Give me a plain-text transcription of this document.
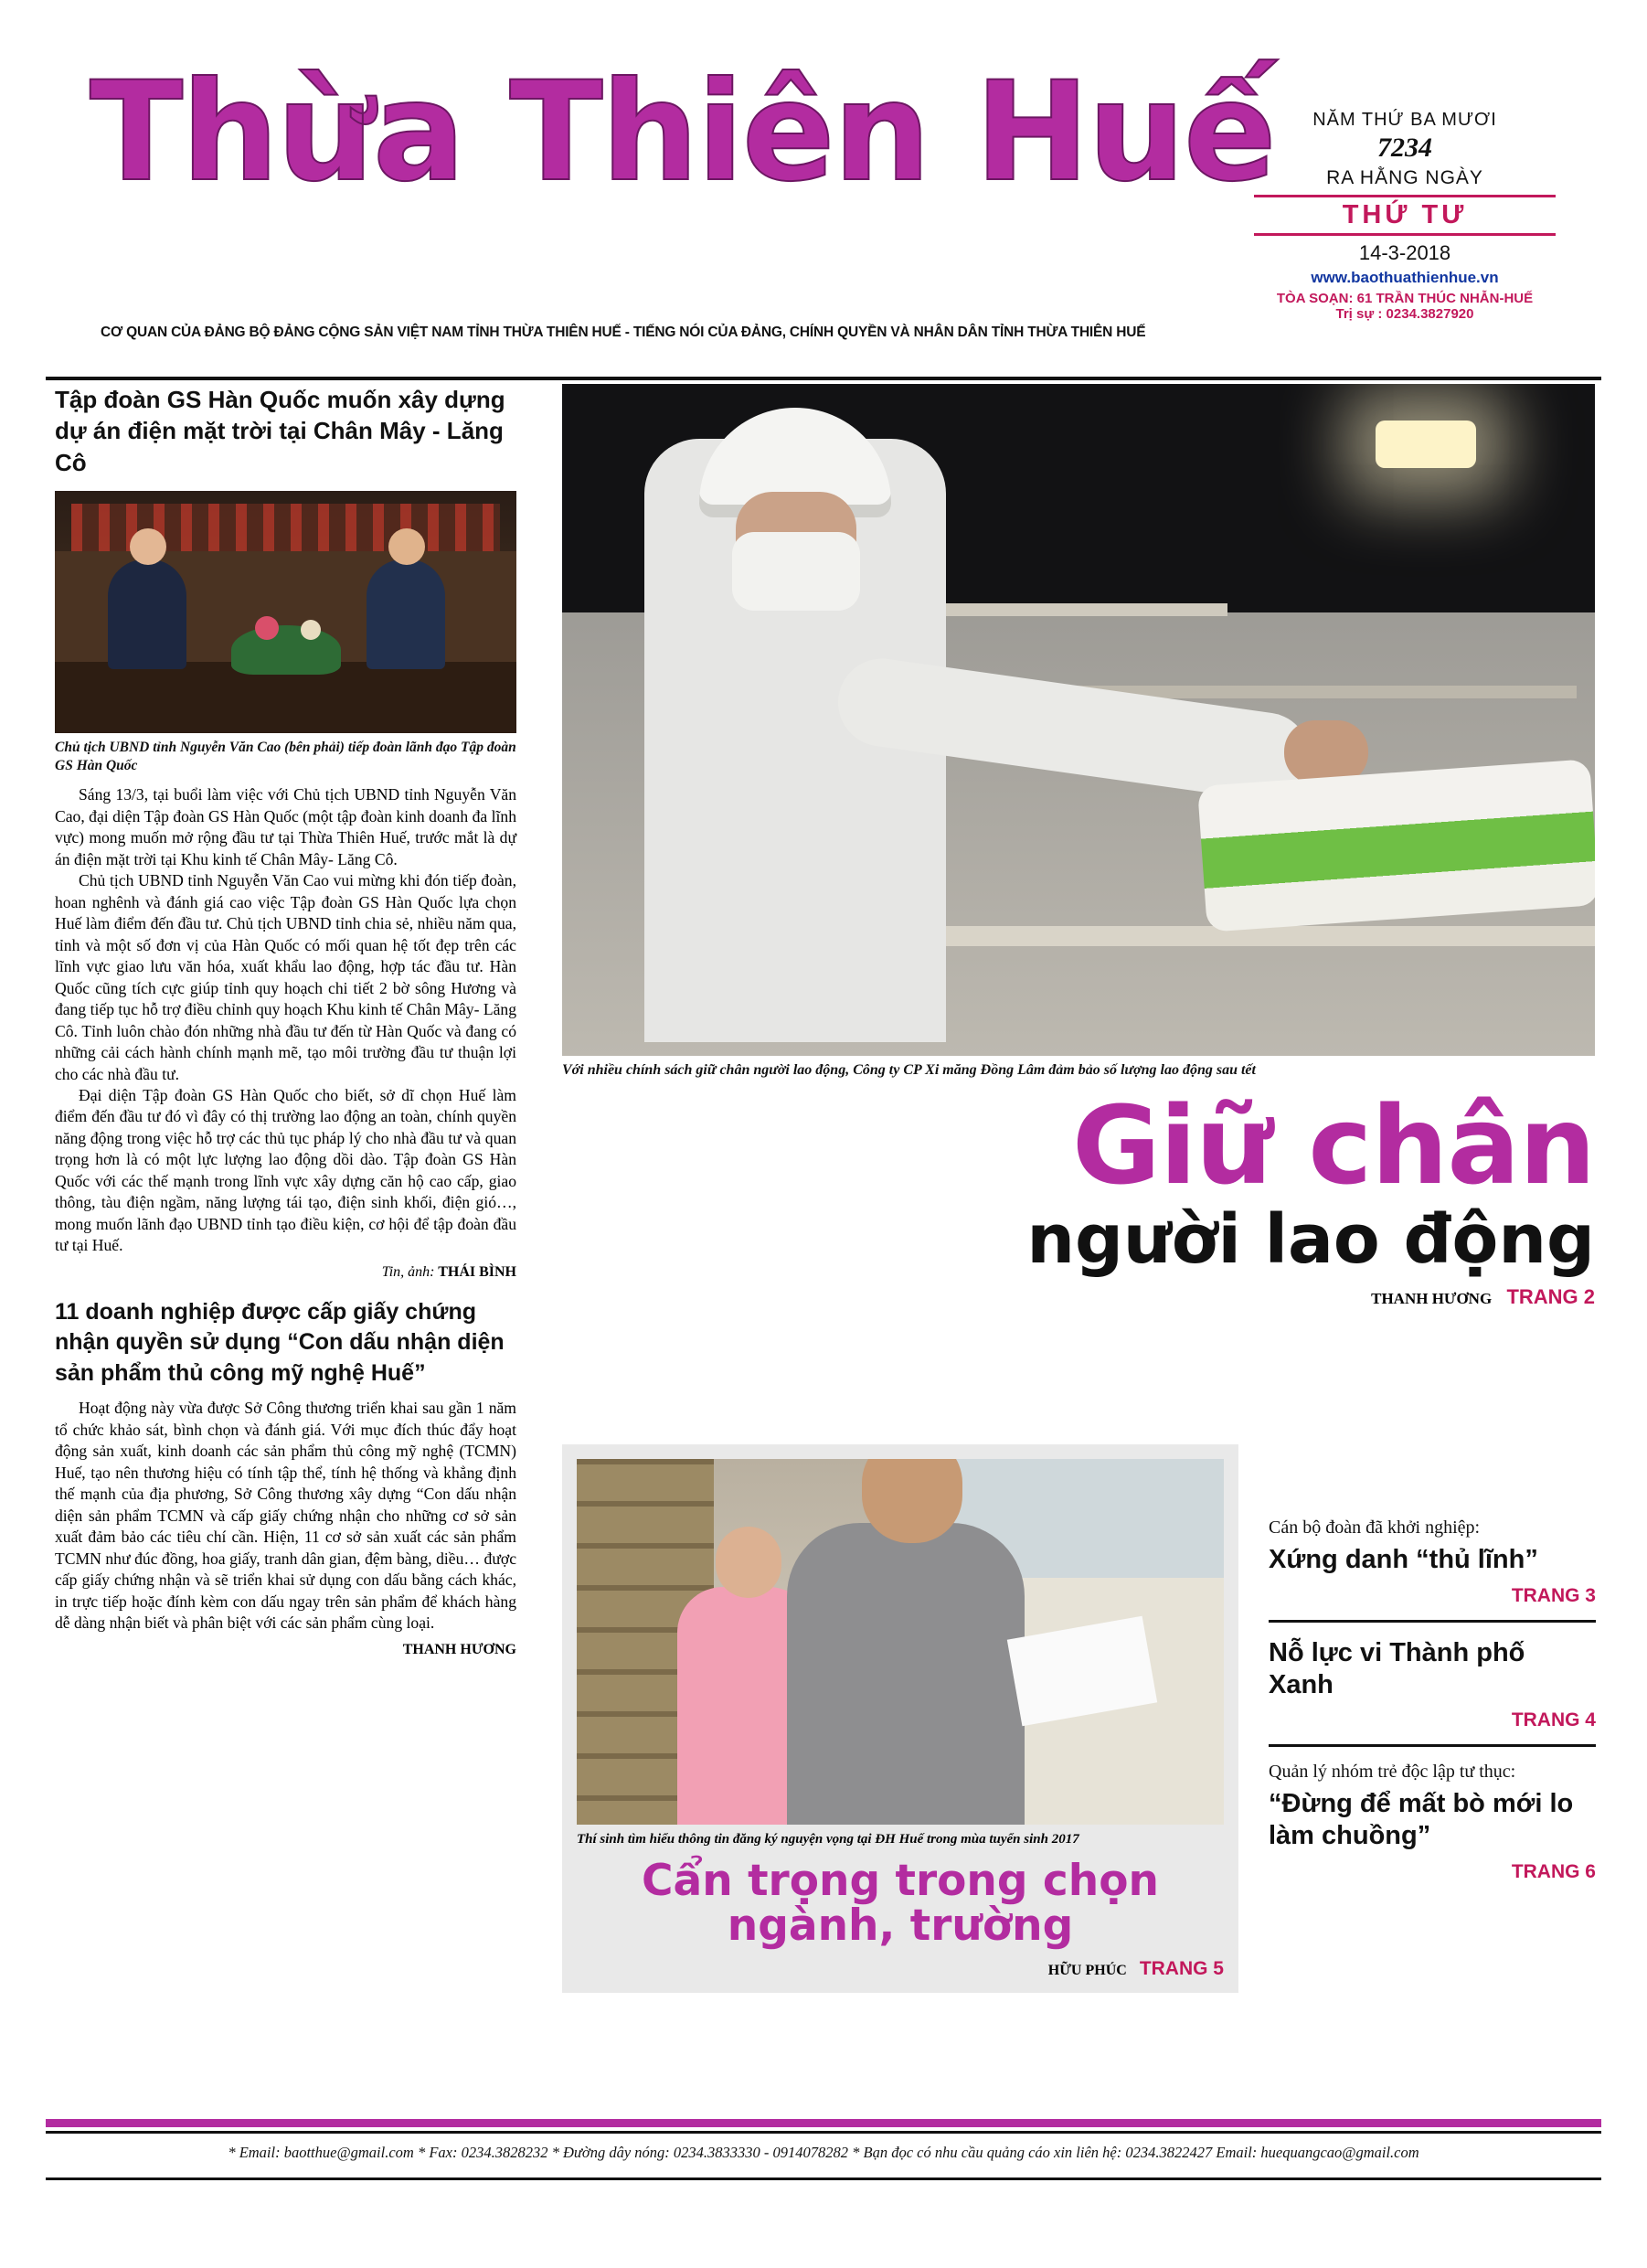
Thừa Thiên Huế
CƠ QUAN CỦA ĐẢNG BỘ ĐẢNG CỘNG SẢN VIỆT NAM TỈNH THỪA THIÊN HUẾ - TIẾNG NÓI CỦA ĐẢNG, CHÍNH QUYỀN VÀ NHÂN DÂN TỈNH THỪA THIÊN HUẾ
NĂM THỨ BA MƯƠI
7234
RA HẰNG NGÀY
THỨ TƯ
14-3-2018
www.baothuathienhue.vn
TÒA SOẠN: 61 TRẦN THÚC NHẪN-HUẾ
Trị sự : 0234.3827920
Tập đoàn GS Hàn Quốc muốn xây dựng dự án điện mặt trời tại Chân Mây - Lăng Cô
Chủ tịch UBND tỉnh Nguyễn Văn Cao (bên phải) tiếp đoàn lãnh đạo Tập đoàn GS Hàn Quốc

Sáng 13/3, tại buổi làm việc với Chủ tịch UBND tỉnh Nguyễn Văn Cao, đại diện Tập đoàn GS Hàn Quốc (một tập đoàn kinh doanh đa lĩnh vực) mong muốn mở rộng đầu tư tại Thừa Thiên Huế, trước mắt là dự án điện mặt trời tại Khu kinh tế Chân Mây- Lăng Cô.

Chủ tịch UBND tỉnh Nguyễn Văn Cao vui mừng khi đón tiếp đoàn, hoan nghênh và đánh giá cao việc Tập đoàn GS Hàn Quốc lựa chọn Huế làm điểm đến đầu tư. Chủ tịch UBND tỉnh chia sẻ, nhiều năm qua, tỉnh và một số đơn vị của Hàn Quốc có mối quan hệ tốt đẹp trên các lĩnh vực giao lưu văn hóa, xuất khẩu lao động, hợp tác đầu tư. Hàn Quốc cũng tích cực giúp tỉnh quy hoạch chi tiết 2 bờ sông Hương và đang tiếp tục hỗ trợ điều chỉnh quy hoạch Khu kinh tế Chân Mây- Lăng Cô. Tỉnh luôn chào đón những nhà đầu tư đến từ Hàn Quốc và đang có những cải cách hành chính mạnh mẽ, tạo môi trường đầu tư thuận lợi cho các nhà đầu tư.

Đại diện Tập đoàn GS Hàn Quốc cho biết, sở dĩ chọn Huế làm điểm đến đầu tư đó vì đây có thị trường lao động an toàn, chính quyền năng động trong việc hỗ trợ các thủ tục pháp lý cho nhà đầu tư và quan trọng hơn là có một lực lượng lao động dồi dào. Tập đoàn GS Hàn Quốc với các thế mạnh trong lĩnh vực xây dựng căn hộ cao cấp, giao thông, tàu điện ngầm, năng lượng tái tạo, điện sinh khối, điện gió…, mong muốn lãnh đạo UBND tỉnh tạo điều kiện, cơ hội để tập đoàn đầu tư tại Huế.

Tin, ảnh: THÁI BÌNH
11 doanh nghiệp được cấp giấy chứng nhận quyền sử dụng “Con dấu nhận diện sản phẩm thủ công mỹ nghệ Huế”

Hoạt động này vừa được Sở Công thương triển khai sau gần 1 năm tổ chức khảo sát, bình chọn và đánh giá. Với mục đích thúc đẩy hoạt động sản xuất, kinh doanh các sản phẩm thủ công mỹ nghệ (TCMN) Huế, tạo nên thương hiệu có tính tập thể, tính hệ thống và khẳng định thế mạnh của địa phương, Sở Công thương xây dựng “Con dấu nhận diện sản phẩm TCMN và cấp giấy chứng nhận cho những cơ sở sản xuất đảm bảo các tiêu chí cần. Hiện, 11 cơ sở sản xuất các sản phẩm TCMN như đúc đồng, hoa giấy, tranh dân gian, đệm bàng, diều… được cấp giấy chứng nhận và sẽ triển khai sử dụng con dấu bằng cách khác, in trực tiếp hoặc đính kèm con dấu ngay trên sản phẩm để khách hàng dễ dàng nhận biết và phân biệt với các sản phẩm cùng loại.

THANH HƯƠNG
Với nhiều chính sách giữ chân người lao động, Công ty CP Xi măng Đồng Lâm đảm bảo số lượng lao động sau tết
Giữ chân
người lao động
THANH HƯƠNG TRANG 2
Thí sinh tìm hiểu thông tin đăng ký nguyện vọng tại ĐH Huế trong mùa tuyển sinh 2017
Cẩn trọng trong chọn ngành, trường
HỮU PHÚC TRANG 5
Cán bộ đoàn đã khởi nghiệp:
Xứng danh “thủ lĩnh”
TRANG 3
Nỗ lực vi Thành phố Xanh
TRANG 4
Quản lý nhóm trẻ độc lập tư thục:
“Đừng để mất bò mới lo làm chuồng”
TRANG 6
* Email: baotthue@gmail.com * Fax: 0234.3828232 * Đường dây nóng: 0234.3833330 - 0914078282 * Bạn đọc có nhu cầu quảng cáo xin liên hệ: 0234.3822427 Email: huequangcao@gmail.com
